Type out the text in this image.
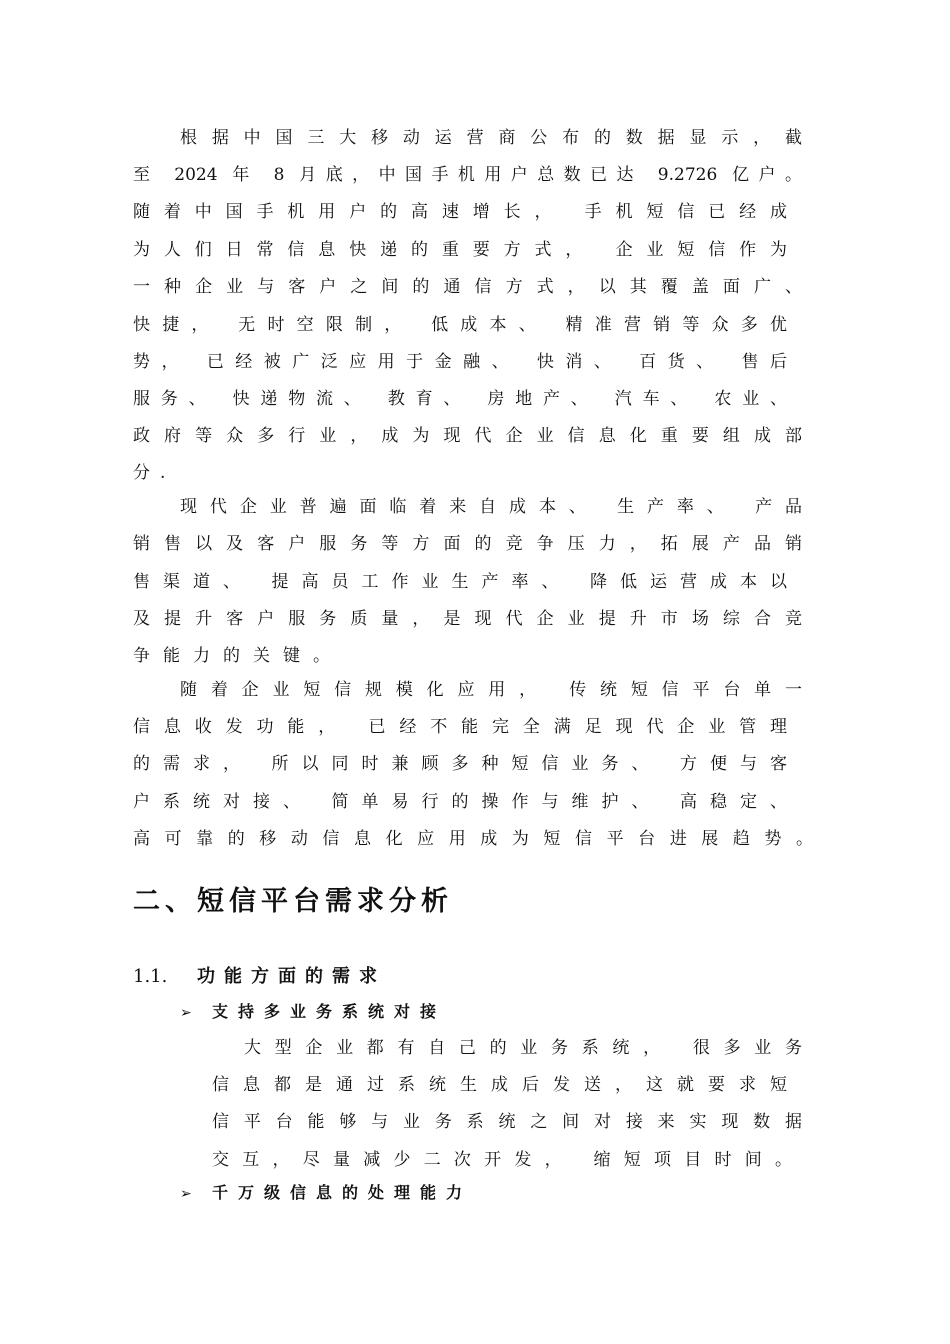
根据中国三大移动运营商公布的数据显示，截
至 2024 年 8 月底，中国手机用户总数已达 9.2726 亿户。
随着中国手机用户的高速增长， 手机短信已经成
为人们日常信息快递的重要方式， 企业短信作为
一种企业与客户之间的通信方式，以其覆盖面广、
快捷， 无时空限制， 低成本、 精准营销等众多优
势， 已经被广泛应用于金融、 快消、 百货、 售后
服务、 快递物流、 教育、 房地产、 汽车、 农业、
政府等众多行业，成为现代企业信息化重要组成部
分.
现代企业普遍面临着来自成本、 生产率、 产品
销售以及客户服务等方面的竞争压力，拓展产品销
售渠道、 提高员工作业生产率、 降低运营成本以
及提升客户服务质量，是现代企业提升市场综合竞
争能力的关键。
随着企业短信规模化应用， 传统短信平台单一
信息收发功能， 已经不能完全满足现代企业管理
的需求， 所以同时兼顾多种短信业务、 方便与客
户系统对接、 简单易行的操作与维护、 高稳定、
高可靠的移动信息化应用成为短信平台进展趋势。
二、短信平台需求分析
1.1. 功能方面的需求
➢ 支持多业务系统对接
大型企业都有自己的业务系统， 很多业务
信息都是通过系统生成后发送，这就要求短
信平台能够与业务系统之间对接来实现数据
交互，尽量减少二次开发， 缩短项目时间。
➢ 千万级信息的处理能力
